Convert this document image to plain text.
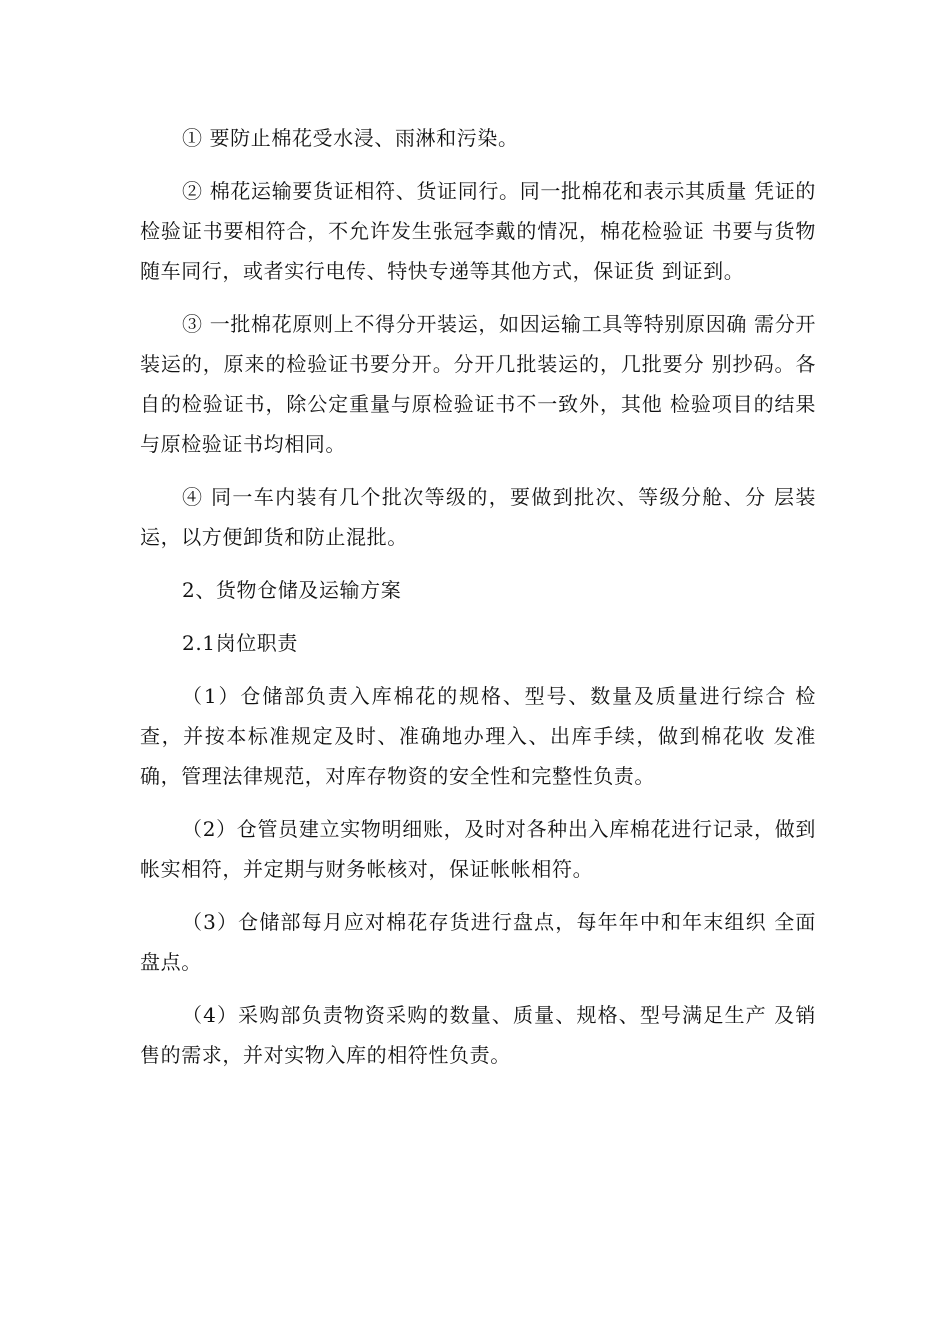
① 要防止棉花受水浸、雨淋和污染。

② 棉花运输要货证相符、货证同行。同一批棉花和表示其质量 凭证的检验证书要相符合，不允许发生张冠李戴的情况，棉花检验证 书要与货物随车同行，或者实行电传、特快专递等其他方式，保证货 到证到。

③ 一批棉花原则上不得分开装运，如因运输工具等特别原因确 需分开装运的，原来的检验证书要分开。分开几批装运的，几批要分 别抄码。各自的检验证书，除公定重量与原检验证书不一致外，其他 检验项目的结果与原检验证书均相同。

④ 同一车内装有几个批次等级的，要做到批次、等级分舱、分 层装运，以方便卸货和防止混批。

2、货物仓储及运输方案

2.1岗位职责

（1）仓储部负责入库棉花的规格、型号、数量及质量进行综合 检查，并按本标准规定及时、准确地办理入、出库手续，做到棉花收 发准确，管理法律规范，对库存物资的安全性和完整性负责。

（2）仓管员建立实物明细账，及时对各种出入库棉花进行记录，做到帐实相符，并定期与财务帐核对，保证帐帐相符。

（3）仓储部每月应对棉花存货进行盘点，每年年中和年末组织 全面盘点。

（4）采购部负责物资采购的数量、质量、规格、型号满足生产 及销售的需求，并对实物入库的相符性负责。
